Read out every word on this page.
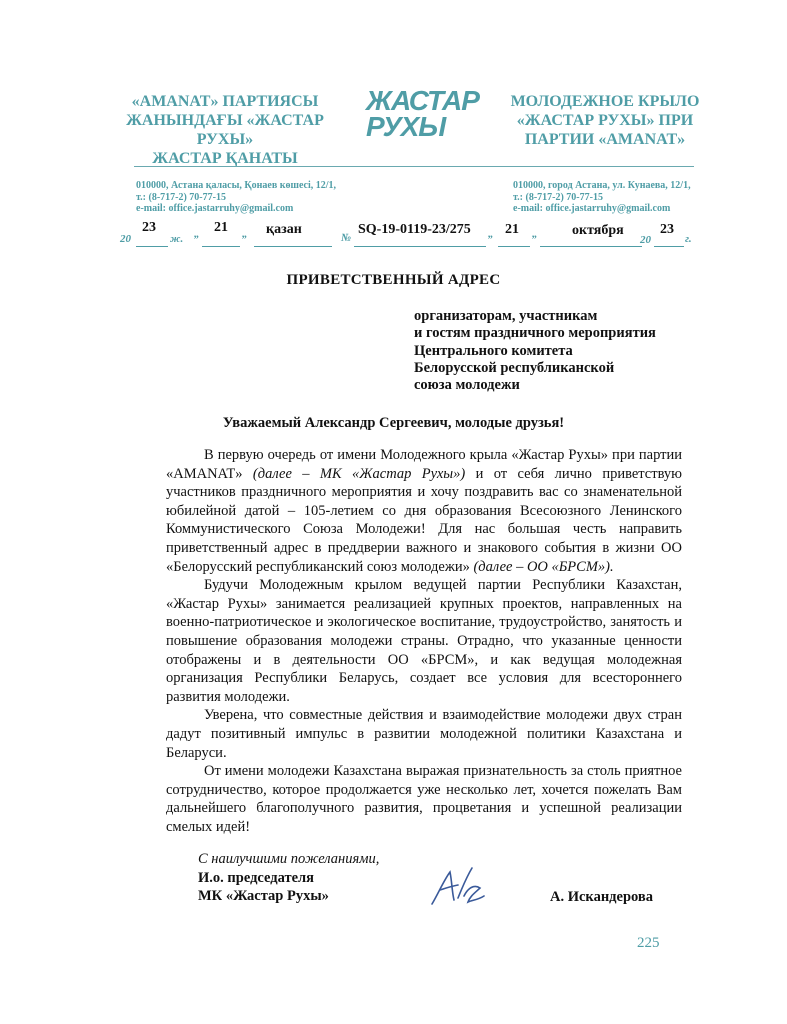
«AMANAT» ПАРТИЯСЫ
ЖАНЫНДАҒЫ «ЖАСТАР РУХЫ»
ЖАСТАР ҚАНАТЫ
ЖАСТАР
РУХЫ
МОЛОДЕЖНОЕ КРЫЛО
«ЖАСТАР РУХЫ» ПРИ
ПАРТИИ «AMANAT»
010000, Астана қаласы, Қонаев көшесі, 12/1,
т.: (8-717-2) 70-77-15
e-mail: office.jastarruhy@gmail.com
010000, город Астана, ул. Кунаева, 12/1,
т.: (8-717-2) 70-77-15
e-mail: office.jastarruhy@gmail.com
20
23
ж. „ 21 „ қазан
№
SQ-19-0119-23/275 „ 21 „ октября
20
23
г.
ПРИВЕТСТВЕННЫЙ АДРЕС
организаторам, участникам
и гостям праздничного мероприятия
Центрального комитета
Белорусской республиканской
союза молодежи
Уважаемый Александр Сергеевич, молодые друзья!

В первую очередь от имени Молодежного крыла «Жастар Рухы» при партии «AMANAT» (далее – МК «Жастар Рухы») и от себя лично приветствую участников праздничного мероприятия и хочу поздравить вас со знаменательной юбилейной датой – 105-летием со дня образования Всесоюзного Ленинского Коммунистического Союза Молодежи! Для нас большая честь направить приветственный адрес в преддверии важного и знакового события в жизни ОО «Белорусский республиканский союз молодежи» (далее – ОО «БРСМ»).

Будучи Молодежным крылом ведущей партии Республики Казахстан, «Жастар Рухы» занимается реализацией крупных проектов, направленных на военно-патриотическое и экологическое воспитание, трудоустройство, занятость и повышение образования молодежи страны. Отрадно, что указанные ценности отображены и в деятельности ОО «БРСМ», и как ведущая молодежная организация Республики Беларусь, создает все условия для всестороннего развития молодежи.

Уверена, что совместные действия и взаимодействие молодежи двух стран дадут позитивный импульс в развитии молодежной политики Казахстана и Беларуси.

От имени молодежи Казахстана выражая признательность за столь приятное сотрудничество, которое продолжается уже несколько лет, хочется пожелать Вам дальнейшего благополучного развития, процветания и успешной реализации смелых идей!

С наилучшими пожеланиями,
И.о. председателя
МК «Жастар Рухы»	А. Искандерова
225
